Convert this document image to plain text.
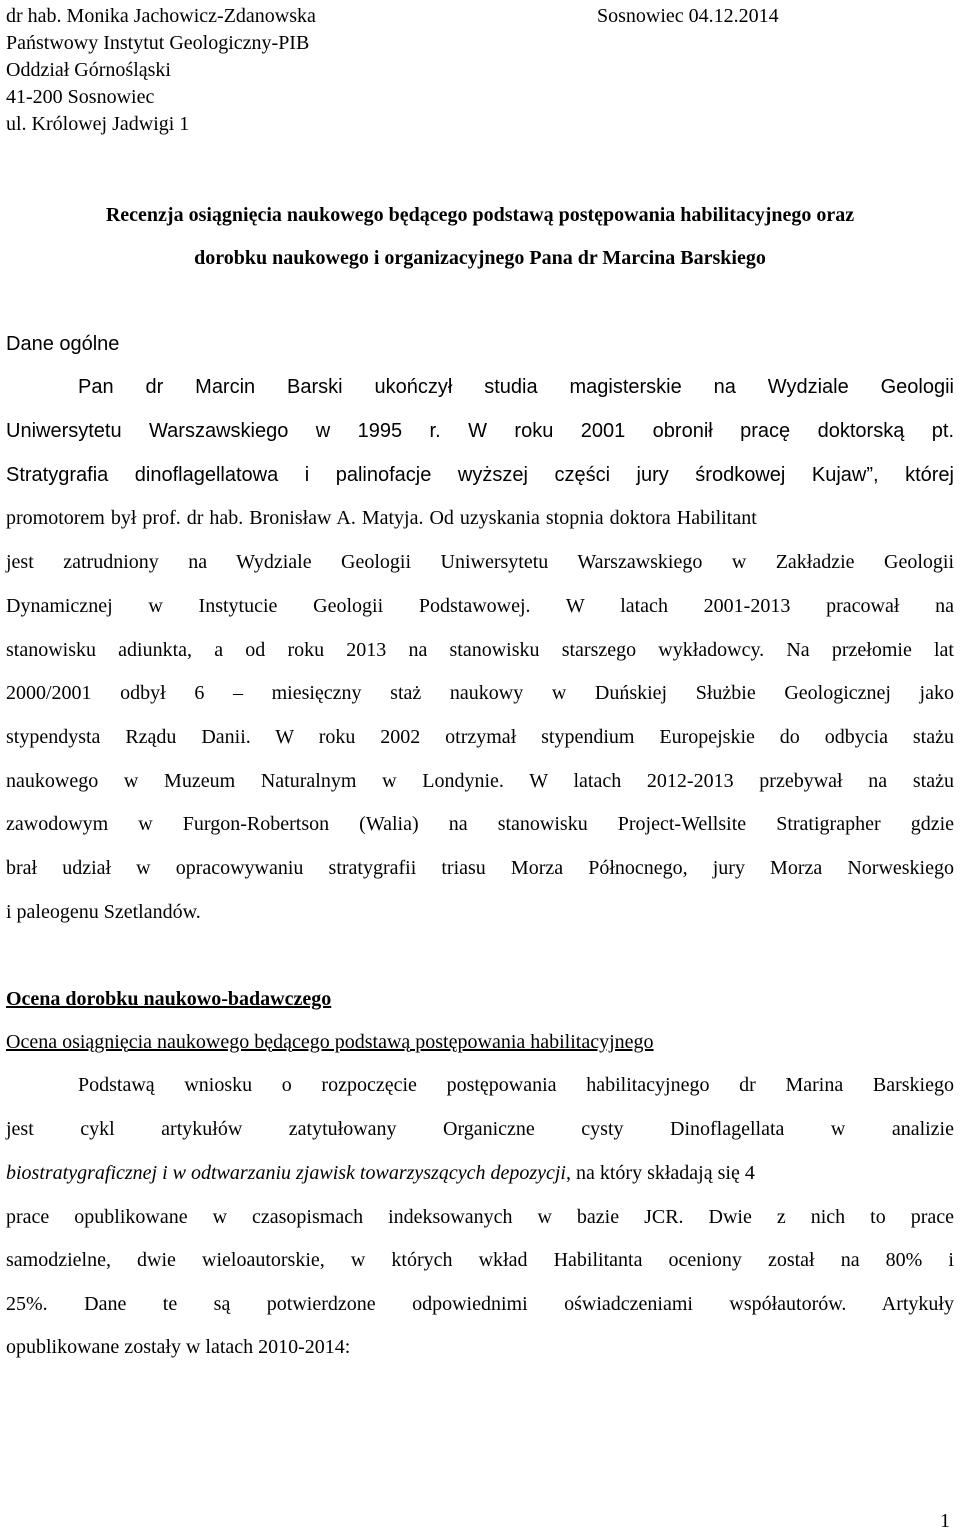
dr hab. Monika Jachowicz-Zdanowska	Sosnowiec 04.12.2014
Państwowy Instytut Geologiczny-PIB
Oddział Górnośląski
41-200 Sosnowiec
ul. Królowej Jadwigi 1
Recenzja osiągnięcia naukowego będącego podstawą postępowania habilitacyjnego oraz
dorobku naukowego i organizacyjnego Pana dr Marcina Barskiego
Dane ogólne
Pan dr Marcin Barski ukończył studia magisterskie na Wydziale Geologii
Uniwersytetu Warszawskiego w 1995 r. W roku 2001 obronił pracę doktorską pt.
Stratygrafia dinoflagellatowa i palinofacje wyższej części jury środkowej Kujaw”, której
promotorem był prof. dr hab. Bronisław A. Matyja. Od uzyskania stopnia doktora Habilitant
jest zatrudniony na Wydziale Geologii Uniwersytetu Warszawskiego w Zakładzie Geologii
Dynamicznej w Instytucie Geologii Podstawowej. W latach 2001-2013 pracował na
stanowisku adiunkta, a od roku 2013 na stanowisku starszego wykładowcy. Na przełomie lat
2000/2001 odbył 6 – miesięczny staż naukowy w Duńskiej Służbie Geologicznej jako
stypendysta Rządu Danii. W roku 2002 otrzymał stypendium Europejskie do odbycia stażu
naukowego w Muzeum Naturalnym w Londynie. W latach 2012-2013 przebywał na stażu
zawodowym w Furgon-Robertson (Walia) na stanowisku Project-Wellsite Stratigrapher gdzie
brał udział w opracowywaniu stratygrafii triasu Morza Północnego, jury Morza Norweskiego
i paleogenu Szetlandów.
Ocena dorobku naukowo-badawczego
Ocena osiągnięcia naukowego będącego podstawą postępowania habilitacyjnego
Podstawą wniosku o rozpoczęcie postępowania habilitacyjnego dr Marina Barskiego
jest cykl artykułów zatytułowany Organiczne cysty Dinoflagellata w analizie
biostratygraficznej i w odtwarzaniu zjawisk towarzyszących depozycji, na który składają się 4
prace opublikowane w czasopismach indeksowanych w bazie JCR. Dwie z nich to prace
samodzielne, dwie wieloautorskie, w których wkład Habilitanta oceniony został na 80% i
25%. Dane te są potwierdzone odpowiednimi oświadczeniami współautorów. Artykuły
opublikowane zostały w latach 2010-2014:
1
